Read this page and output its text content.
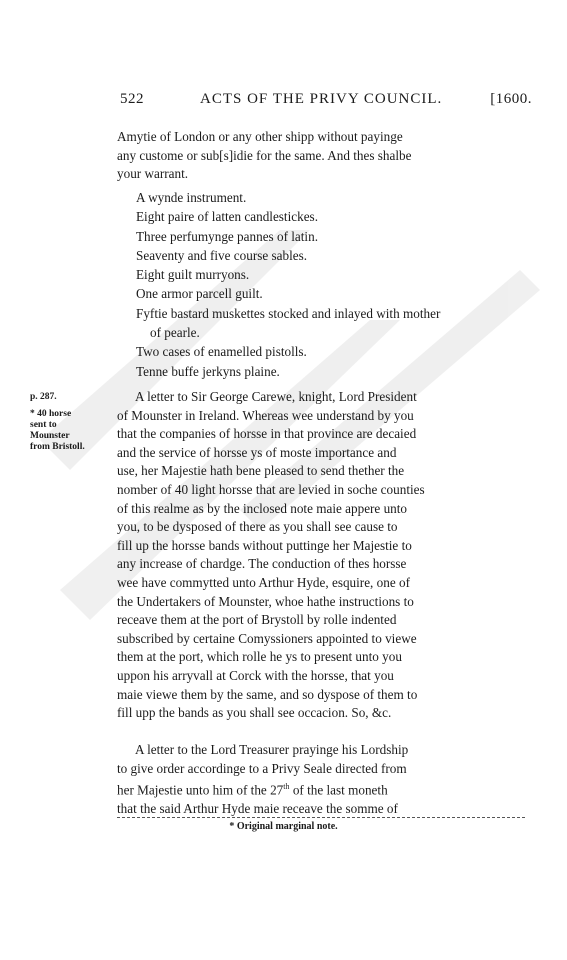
522	ACTS OF THE PRIVY COUNCIL.	[1600.
Amytie of London or any other shipp without payinge
any custome or sub[s]idie for the same. And thes shalbe
your warrant.
A wynde instrument.
Eight paire of latten candlestickes.
Three perfumynge pannes of latin.
Seaventy and five course sables.
Eight guilt murryons.
One armor parcell guilt.
Fyftie bastard muskettes stocked and inlayed with mother
of pearle.
Two cases of enamelled pistolls.
Tenne buffe jerkyns plaine.
p. 287.
* 40 horse
sent to
Mounster
from Bristoll.
A letter to Sir George Carewe, knight, Lord President
of Mounster in Ireland. Whereas wee understand by you
that the companies of horsse in that province are decaied
and the service of horsse ys of moste importance and
use, her Majestie hath bene pleased to send thether the
nomber of 40 light horsse that are levied in soche counties
of this realme as by the inclosed note maie appere unto
you, to be dysposed of there as you shall see cause to
fill up the horsse bands without puttinge her Majestie to
any increase of chardge. The conduction of thes horsse
wee have commytted unto Arthur Hyde, esquire, one of
the Undertakers of Mounster, whoe hathe instructions to
receave them at the port of Brystoll by rolle indented
subscribed by certaine Comyssioners appointed to viewe
them at the port, which rolle he ys to present unto you
uppon his arryvall at Corck with the horsse, that you
maie viewe them by the same, and so dyspose of them to
fill upp the bands as you shall see occacion. So, &c.
A letter to the Lord Treasurer prayinge his Lordship
to give order accordinge to a Privy Seale directed from
her Majestie unto him of the 27th of the last moneth
that the said Arthur Hyde maie receave the somme of
* Original marginal note.
